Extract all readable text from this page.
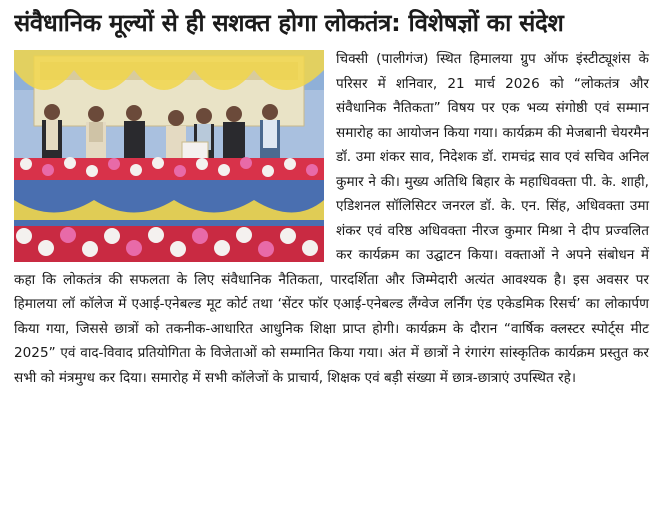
संवैधानिक मूल्यों से ही सशक्त होगा लोकतंत्र: विशेषज्ञों का संदेश

चिक्सी (पालीगंज) स्थित हिमालया ग्रुप ऑफ इंस्टीट्यूशंस के परिसर में शनिवार, 21 मार्च 2026 को “लोकतंत्र और संवैधानिक नैतिकता” विषय पर एक भव्य संगोष्ठी एवं सम्मान समारोह का आयोजन किया गया। कार्यक्रम की मेजबानी चेयरमैन डॉ. उमा शंकर साव, निदेशक डॉ. रामचंद्र साव एवं सचिव अनिल कुमार ने की। मुख्य अतिथि बिहार के महाधिवक्ता पी. के. शाही, एडिशनल सॉलिसिटर जनरल डॉ. के. एन. सिंह, अधिवक्ता उमा शंकर एवं वरिष्ठ अधिवक्ता नीरज कुमार मिश्रा ने दीप प्रज्वलित कर कार्यक्रम का उद्घाटन किया। वक्ताओं ने अपने संबोधन में कहा कि लोकतंत्र की सफलता के लिए संवैधानिक नैतिकता, पारदर्शिता और जिम्मेदारी अत्यंत आवश्यक है। इस अवसर पर हिमालया लॉ कॉलेज में एआई-एनेबल्ड मूट कोर्ट तथा ‘सेंटर फॉर एआई-एनेबल्ड लैंग्वेज लर्निंग एंड एकेडमिक रिसर्च’ का लोकार्पण किया गया, जिससे छात्रों को तकनीक-आधारित आधुनिक शिक्षा प्राप्त होगी। कार्यक्रम के दौरान “वार्षिक क्लस्टर स्पोर्ट्स मीट 2025” एवं वाद-विवाद प्रतियोगिता के विजेताओं को सम्मानित किया गया। अंत में छात्रों ने रंगारंग सांस्कृतिक कार्यक्रम प्रस्तुत कर सभी को मंत्रमुग्ध कर दिया। समारोह में सभी कॉलेजों के प्राचार्य, शिक्षक एवं बड़ी संख्या में छात्र-छात्राएं उपस्थित रहे।
